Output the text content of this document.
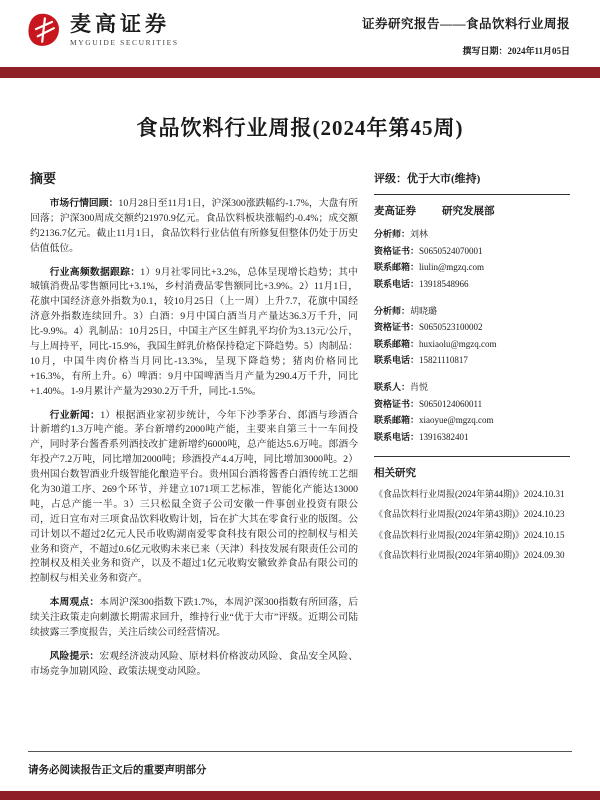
麦高证券
MYGUIDE SECURITIES
证券研究报告——食品饮料行业周报
撰写日期：2024年11月05日
食品饮料行业周报(2024年第45周)
摘要

市场行情回顾：10月28日至11月1日，沪深300涨跌幅约-1.7%，大盘有所回落；沪深300周成交额约21970.9亿元。食品饮料板块涨幅约-0.4%；成交额约2136.7亿元。截止11月1日，食品饮料行业估值有所修复但整体仍处于历史估值低位。

行业高频数据跟踪：1）9月社零同比+3.2%，总体呈现增长趋势；其中城镇消费品零售额同比+3.1%，乡村消费品零售额同比+3.9%。2）11月1日，花旗中国经济意外指数为0.1，较10月25日（上一周）上升7.7，花旗中国经济意外指数连续回升。3）白酒：9月中国白酒当月产量达36.3万千升，同比-9.9%。4）乳制品：10月25日，中国主产区生鲜乳平均价为3.13元/公斤，与上周持平，同比-15.9%，我国生鲜乳价格保持稳定下降趋势。5）肉制品：10月，中国牛肉价格当月同比-13.3%，呈现下降趋势；猪肉价格同比+16.3%，有所上升。6）啤酒：9月中国啤酒当月产量为290.4万千升，同比+1.40%。1-9月累计产量为2930.2万千升，同比-1.5%。

行业新闻：1）根据酒业家初步统计，今年下沙季茅台、郎酒与珍酒合计新增约1.3万吨产能。茅台新增约2000吨产能，主要来自第三十一车间投产，同时茅台酱香系列酒技改扩建新增约6000吨，总产能达5.6万吨。郎酒今年投产7.2万吨，同比增加2000吨；珍酒投产4.4万吨，同比增加3000吨。2）贵州国台数智酒业升级智能化酿造平台。贵州国台酒将酱香白酒传统工艺细化为30道工序、269个环节，并建立1071项工艺标准，智能化产能达13000吨，占总产能一半。3）三只松鼠全资子公司安徽一件事创业投资有限公司，近日宣布对三项食品饮料收购计划，旨在扩大其在零食行业的版图。公司计划以不超过2亿元人民币收购湖南爱零食科技有限公司的控制权与相关业务和资产，不超过0.6亿元收购未来已来（天津）科技发展有限责任公司的控制权及相关业务和资产，以及不超过1亿元收购安徽致养食品有限公司的控制权与相关业务和资产。

本周观点：本周沪深300指数下跌1.7%，本周沪深300指数有所回落，后续关注政策走向刺激长期需求回升，维持行业“优于大市”评级。近期公司陆续披露三季度报告，关注后续公司经营情况。

风险提示：宏观经济波动风险、原材料价格波动风险、食品安全风险、市场竞争加剧风险、政策法规变动风险。

评级：优于大市(维持)
麦高证券 研究发展部
分析师： 刘林
资格证书： S0650524070001
联系邮箱： liulin@mgzq.com
联系电话： 13918548966
分析师： 胡晓璐
资格证书： S0650523100002
联系邮箱： huxiaolu@mgzq.com
联系电话： 15821110817
联系人： 肖悦
资格证书： S0650124060011
联系邮箱： xiaoyue@mgzq.com
联系电话： 13916382401
相关研究
《食品饮料行业周报(2024年第44期)》2024.10.31
《食品饮料行业周报(2024年第43期)》2024.10.23
《食品饮料行业周报(2024年第42期)》2024.10.15
《食品饮料行业周报(2024年第40期)》2024.09.30
请务必阅读报告正文后的重要声明部分
